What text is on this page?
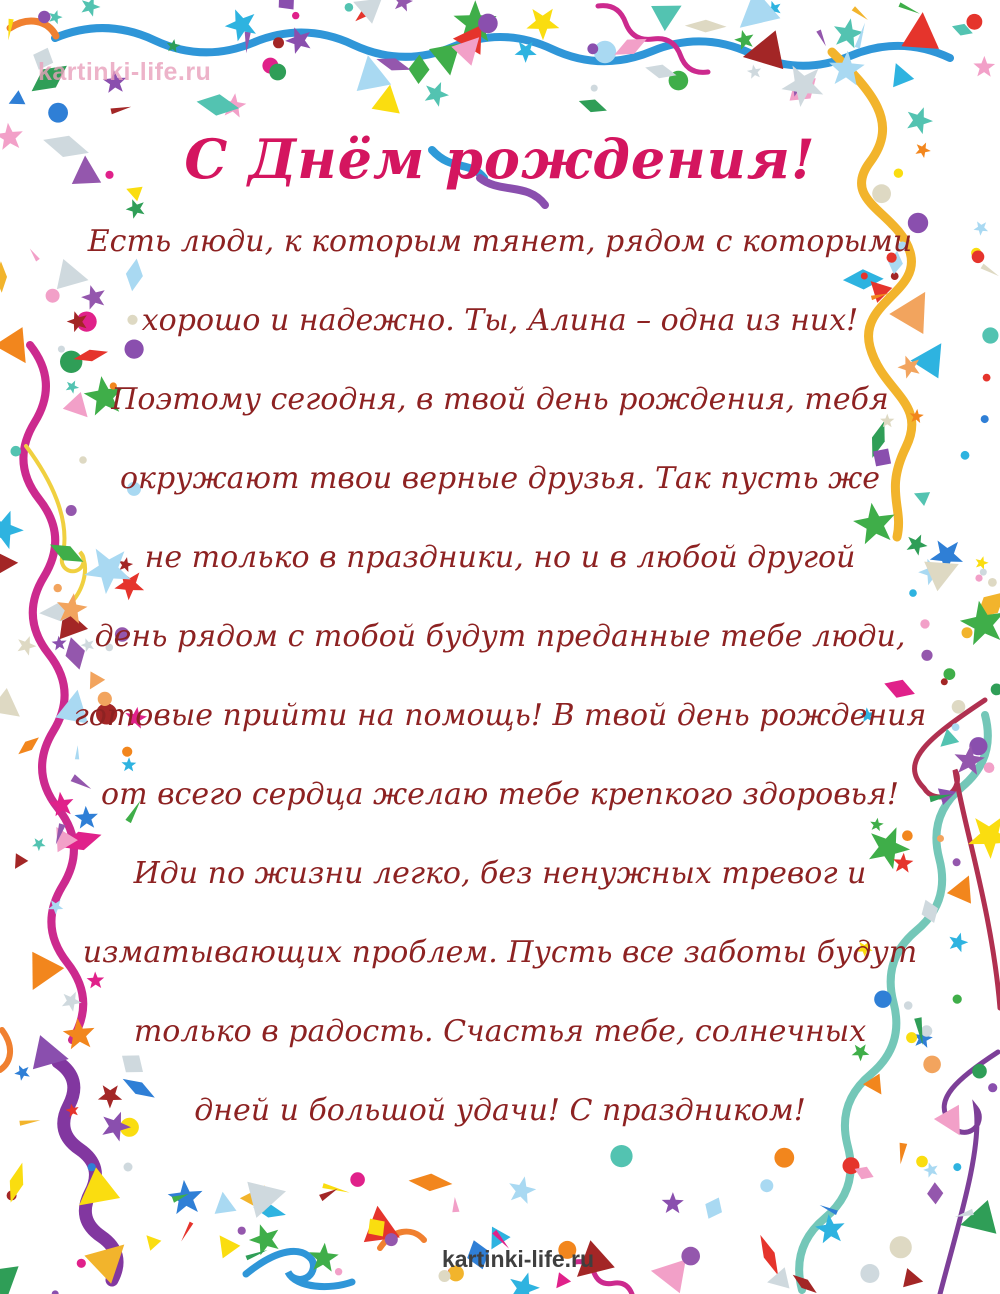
kartinki-life.ru
С Днём рождения!

Есть люди, к которым тянет, рядом с которыми

хорошо и надежно. Ты, Алина – одна из них!

Поэтому сегодня, в твой день рождения, тебя

окружают твои верные друзья. Так пусть же

не только в праздники, но и в любой другой

день рядом с тобой будут преданные тебе люди,

готовые прийти на помощь! В твой день рождения

от всего сердца желаю тебе крепкого здоровья!

Иди по жизни легко, без ненужных тревог и

изматывающих проблем. Пусть все заботы будут

только в радость. Счастья тебе, солнечных

дней и большой удачи! С праздником!

kartinki-life.ru
